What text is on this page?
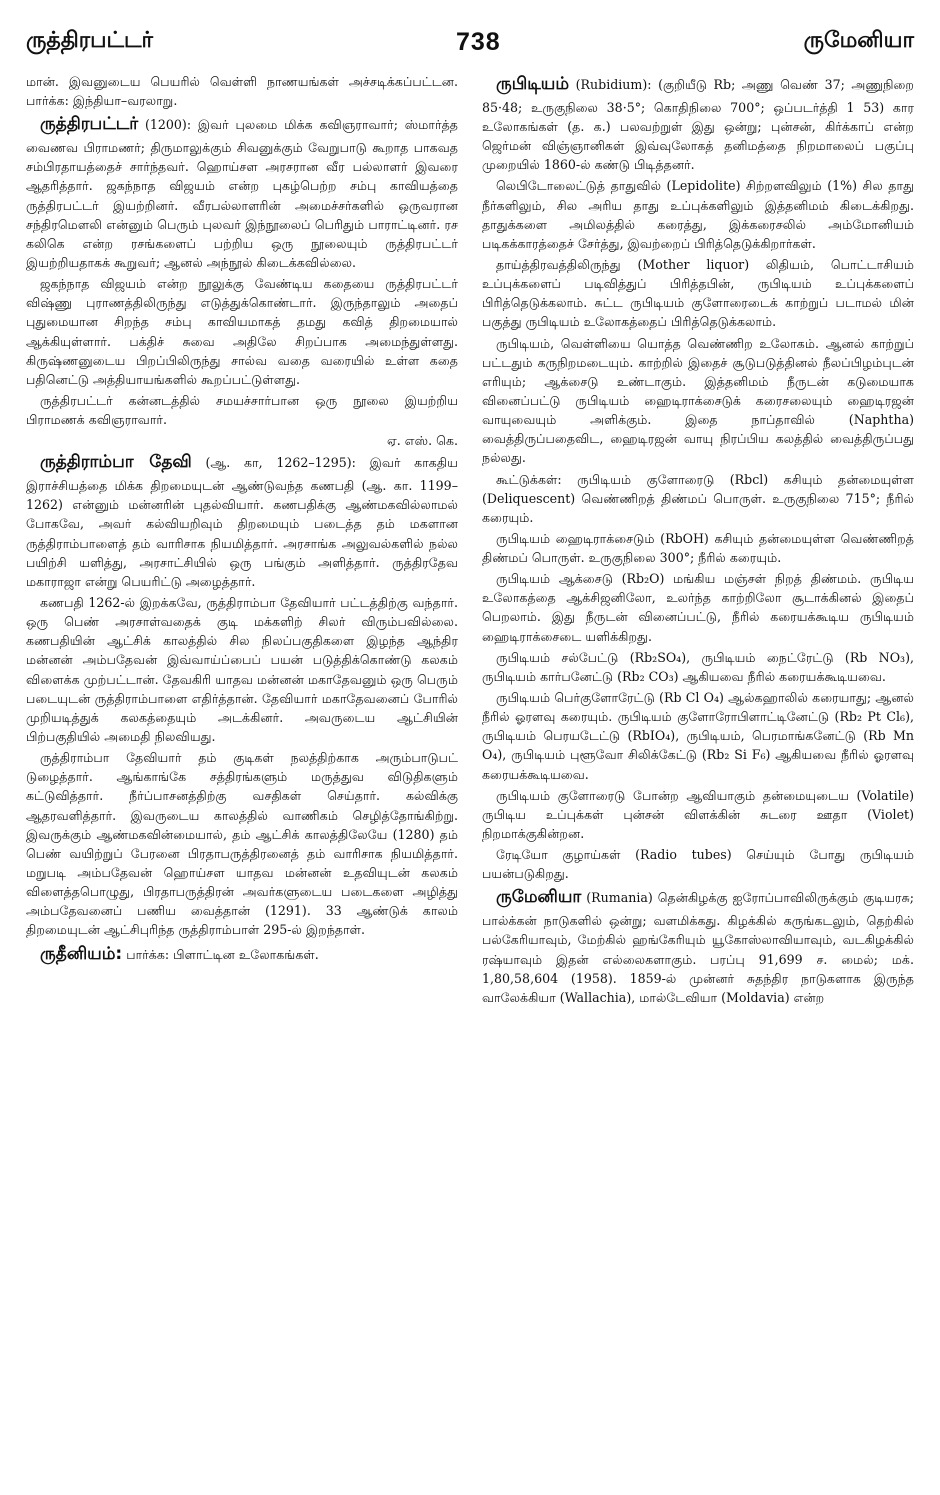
ருத்திரபட்டர்	738	ருமேனியா

மான். இவனுடைய பெயரில் வெள்ளி நாணயங்கள் அச்சடிக்கப்பட்டன. பார்க்க: இந்தியா–வரலாறு.

ருத்திரபட்டர் (1200): இவர் புலமை மிக்க கவிஞராவார்; ஸ்மார்த்த வைணவ பிராமணர்; திருமாலுக்கும் சிவனுக்கும் வேறுபாடு கூறாத பாகவத சம்பிரதாயத்தைச் சார்ந்தவர். ஹொய்சள அரசரான வீர பல்லாளர் இவரை ஆதரித்தார். ஜகந்நாத விஜயம் என்ற புகழ்பெற்ற சம்பு காவியத்தை ருத்திரபட்டர் இயற்றினர். வீரபல்லாளரின் அமைச்சர்களில் ஒருவரான சந்திரமௌலி என்னும் பெரும் புலவர் இந்நூலைப் பெரிதும் பாராட்டினர். ரச கலிகெ என்ற ரசங்களைப் பற்றிய ஒரு நூலையும் ருத்திரபட்டர் இயற்றியதாகக் கூறுவர்; ஆனல் அந்நூல் கிடைக்கவில்லை.

ஜகந்நாத விஜயம் என்ற நூலுக்கு வேண்டிய கதையை ருத்திரபட்டர் விஷ்ணு புராணத்திலிருந்து எடுத்துக்கொண்டார். இருந்தாலும் அதைப் புதுமையான சிறந்த சம்பு காவியமாகத் தமது கவித் திறமையால் ஆக்கியுள்ளார். பக்திச் சுவை அதிலே சிறப்பாக அமைந்துள்ளது. கிருஷ்ணனுடைய பிறப்பிலிருந்து சால்வ வதை வரையில் உள்ள கதை பதினெட்டு அத்தியாயங்களில் கூறப்பட்டுள்ளது.

ருத்திரபட்டர் கன்னடத்தில் சமயச்சார்பான ஒரு நூலை இயற்றிய பிராமணக் கவிஞராவார்.

ஏ. எஸ். கெ.

ருத்திராம்பா தேவி (ஆ. கா, 1262–1295): இவர் காகதிய இராச்சியத்தை மிக்க திறமையுடன் ஆண்டுவந்த கணபதி (ஆ. கா. 1199–1262) என்னும் மன்னரின் புதல்வியார். கணபதிக்கு ஆண்மகவில்லாமல் போகவே, அவர் கல்வியறிவும் திறமையும் படைத்த தம் மகளான ருத்திராம்பாளைத் தம் வாரிசாக நியமித்தார். அரசாங்க அலுவல்களில் நல்ல பயிற்சி யளித்து, அரசாட்சியில் ஒரு பங்கும் அளித்தார். ருத்திரதேவ மகாராஜா என்று பெயரிட்டு அழைத்தார்.

கணபதி 1262-ல் இறக்கவே, ருத்திராம்பா தேவியார் பட்டத்திற்கு வந்தார். ஒரு பெண் அரசாள்வதைக் குடி மக்களிற் சிலர் விரும்பவில்லை. கணபதியின் ஆட்சிக் காலத்தில் சில நிலப்பகுதிகளை இழந்த ஆந்திர மன்னன் அம்பதேவன் இவ்வாய்ப்பைப் பயன் படுத்திக்கொண்டு கலகம் விளைக்க முற்பட்டான். தேவகிரி யாதவ மன்னன் மகாதேவனும் ஒரு பெரும் படையுடன் ருத்திராம்பாளை எதிர்த்தான். தேவியார் மகாதேவனைப் போரில் முறியடித்துக் கலகத்தையும் அடக்கினர். அவருடைய ஆட்சியின் பிற்பகுதியில் அமைதி நிலவியது.

ருத்திராம்பா தேவியார் தம் குடிகள் நலத்திற்காக அரும்பாடுபட் டுழைத்தார். ஆங்காங்கே சத்திரங்களும் மருத்துவ விடுதிகளும் கட்டுவித்தார். நீர்ப்பாசனத்திற்கு வசதிகள் செய்தார். கல்விக்கு ஆதரவளித்தார். இவருடைய காலத்தில் வாணிகம் செழித்தோங்கிற்று. இவருக்கும் ஆண்மகவின்மையால், தம் ஆட்சிக் காலத்திலேயே (1280) தம் பெண் வயிற்றுப் பேரனை பிரதாபருத்திரனைத் தம் வாரிசாக நியமித்தார். மறுபடி அம்பதேவன் ஹொய்சள யாதவ மன்னன் உதவியுடன் கலகம் விளைத்தபொழுது, பிரதாபருத்திரன் அவர்களுடைய படைகளை அழித்து அம்பதேவனைப் பணிய வைத்தான் (1291). 33 ஆண்டுக் காலம் திறமையுடன் ஆட்சிபுரிந்த ருத்திராம்பாள் 295-ல் இறந்தாள்.

ருதீனியம்: பார்க்க: பிளாட்டின உலோகங்கள்.

ருபிடியம் (Rubidium): (குறியீடு Rb; அணு வெண் 37; அணுநிறை 85·48; உருகுநிலை 38·5°; கொதிநிலை 700°; ஒப்படர்த்தி 1 53) கார உலோகங்கள் (த. க.) பலவற்றுள் இது ஒன்று; புன்சன், கிர்க்காப் என்ற ஜெர்மன் விஞ்ஞானிகள் இவ்வுலோகத் தனிமத்தை நிறமாலைப் பகுப்பு முறையில் 1860-ல் கண்டு பிடித்தனர்.

லெபிடோலைட்டுத் தாதுவில் (Lepidolite) சிற்றளவிலும் (1%) சில தாது நீர்களிலும், சில அரிய தாது உப்புக்களிலும் இத்தனிமம் கிடைக்கிறது. தாதுக்களை அமிலத்தில் கரைத்து, இக்கரைசலில் அம்மோனியம் படிகக்காரத்தைச் சேர்த்து, இவற்றைப் பிரித்தெடுக்கிறார்கள்.

தாய்த்திரவத்திலிருந்து (Mother liquor) லிதியம், பொட்டாசியம் உப்புக்களைப் படிவித்துப் பிரித்தபின், ருபிடியம் உப்புக்களைப் பிரித்தெடுக்கலாம். சுட்ட ருபிடியம் குளோரைடைக் காற்றுப் படாமல் மின் பகுத்து ருபிடியம் உலோகத்தைப் பிரித்தெடுக்கலாம்.

ருபிடியம், வெள்ளியை யொத்த வெண்ணிற உலோகம். ஆனல் காற்றுப் பட்டதும் கருநிறமடையும். காற்றில் இதைச் சூடுபடுத்தினல் நீலப்பிழம்புடன் எரியும்; ஆக்சைடு உண்டாகும். இத்தனிமம் நீருடன் கடுமையாக வினைப்பட்டு ருபிடியம் ஹைடிராக்சைடுக் கரைசலையும் ஹைடிரஜன் வாயுவையும் அளிக்கும். இதை நாப்தாவில் (Naphtha) வைத்திருப்பதைவிட, ஹைடிரஜன் வாயு நிரப்பிய கலத்தில் வைத்திருப்பது நல்லது.

கூட்டுக்கள்: ருபிடியம் குளோரைடு (Rbcl) கசியும் தன்மையுள்ள (Deliquescent) வெண்ணிறத் திண்மப் பொருள். உருகுநிலை 715°; நீரில் கரையும்.

ருபிடியம் ஹைடிராக்சைடும் (RbOH) கசியும் தன்மையுள்ள வெண்ணிறத் திண்மப் பொருள். உருகுநிலை 300°; நீரில் கரையும்.

ருபிடியம் ஆக்சைடு (Rb₂O) மங்கிய மஞ்சள் நிறத் திண்மம். ருபிடிய உலோகத்தை ஆக்சிஜனிலோ, உலர்ந்த காற்றிலோ சூடாக்கினல் இதைப் பெறலாம். இது நீருடன் வினைப்பட்டு, நீரில் கரையக்கூடிய ருபிடியம் ஹைடிராக்சைடை யளிக்கிறது.

ருபிடியம் சல்பேட்டு (Rb₂SO₄), ருபிடியம் நைட்ரேட்டு (Rb NO₃), ருபிடியம் கார்பனேட்டு (Rb₂ CO₃) ஆகியவை நீரில் கரையக்கூடியவை.

ருபிடியம் பெர்குளோரேட்டு (Rb Cl O₄) ஆல்கஹாலில் கரையாது; ஆனல் நீரில் ஓரளவு கரையும். ருபிடியம் குளோரோபிளாட்டினேட்டு (Rb₂ Pt Cl₆), ருபிடியம் பெரயடேட்டு (RbIO₄), ருபிடியம், பெரமாங்கனேட்டு (Rb Mn O₄), ருபிடியம் புளூவோ சிலிக்கேட்டு (Rb₂ Si F₆) ஆகியவை நீரில் ஓரளவு கரையக்கூடியவை.

ருபிடியம் குளோரைடு போன்ற ஆவியாகும் தன்மையுடைய (Volatile) ருபிடிய உப்புக்கள் புன்சன் விளக்கின் சுடரை ஊதா (Violet) நிறமாக்குகின்றன.

ரேடியோ குழாய்கள் (Radio tubes) செய்யும் போது ருபிடியம் பயன்படுகிறது.

ருமேனியா (Rumania) தென்கிழக்கு ஐரோப்பாவிலிருக்கும் குடியரசு; பால்க்கன் நாடுகளில் ஒன்று; வளமிக்கது. கிழக்கில் கருங்கடலும், தெற்கில் பல்கேரியாவும், மேற்கில் ஹங்கேரியும் யூகோஸ்லாவியாவும், வடகிழக்கில் ரஷ்யாவும் இதன் எல்லைகளாகும். பரப்பு 91,699 ச. மைல்; மக். 1,80,58,604 (1958). 1859-ல் முன்னர் சுதந்திர நாடுகளாக இருந்த வாலேக்கியா (Wallachia), மால்டேவியா (Moldavia) என்ற
